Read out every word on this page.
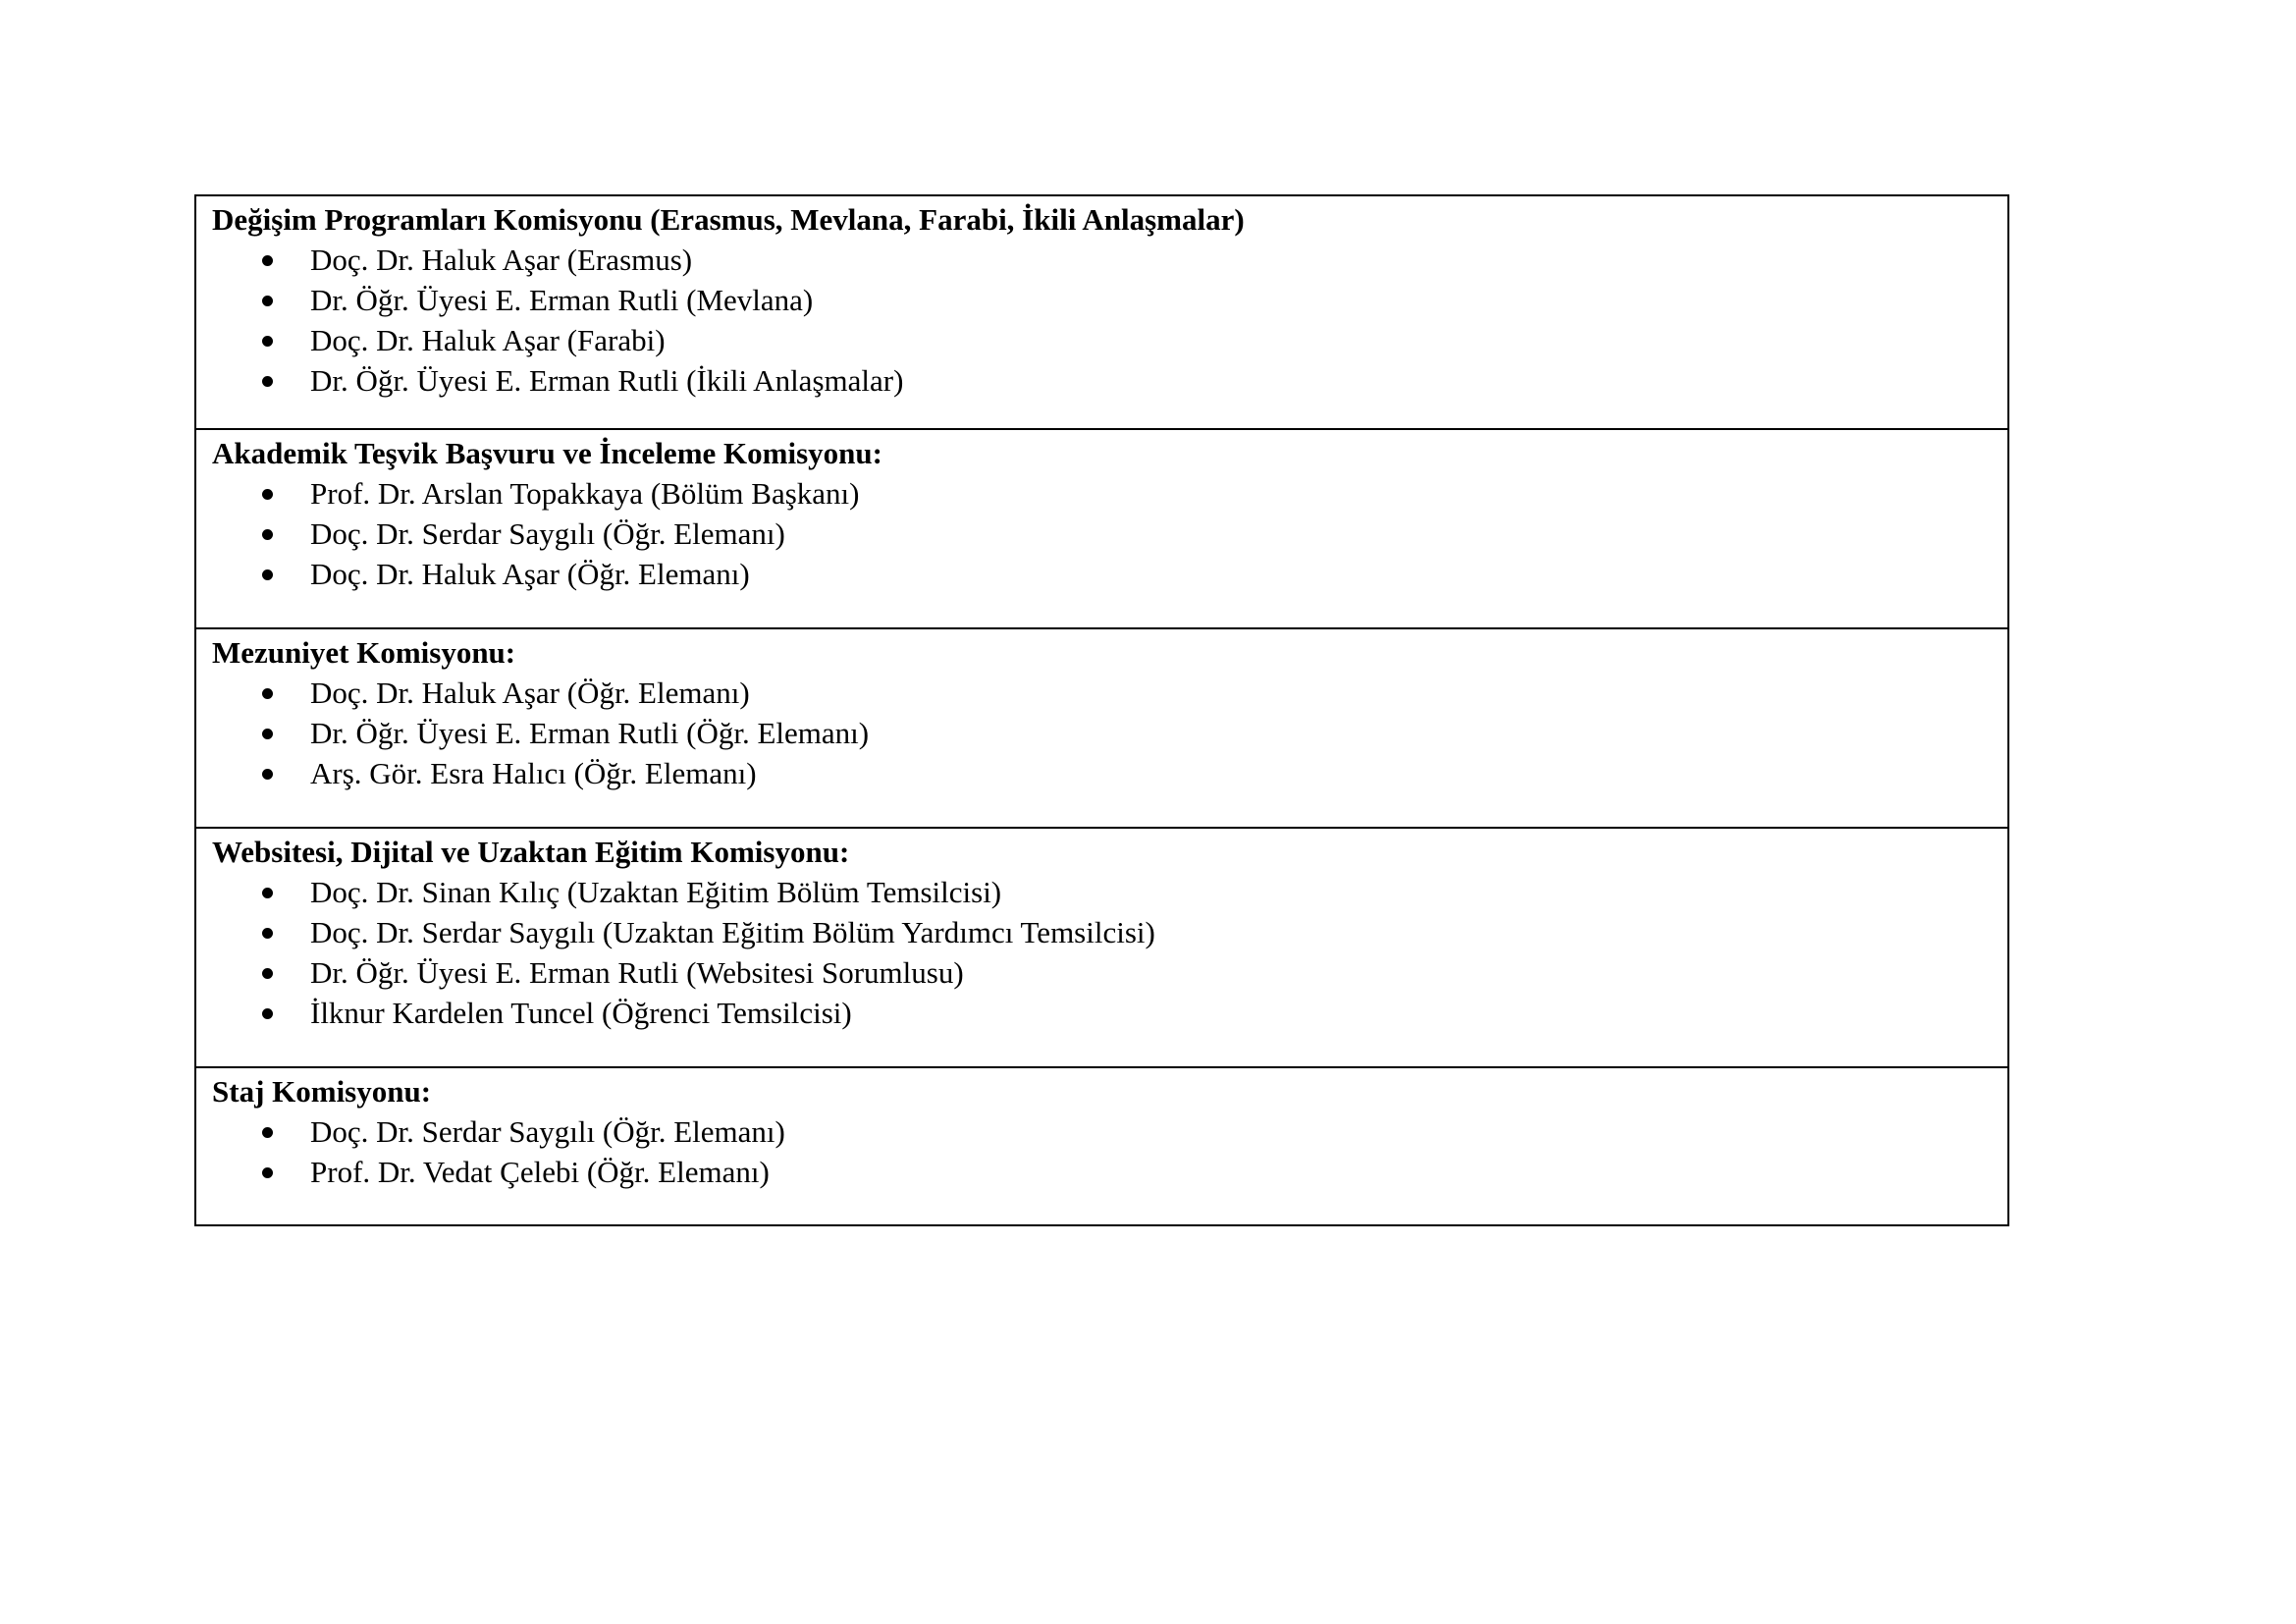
Değişim Programları Komisyonu (Erasmus, Mevlana, Farabi, İkili Anlaşmalar)
Doç. Dr. Haluk Aşar (Erasmus)
Dr. Öğr. Üyesi E. Erman Rutli (Mevlana)
Doç. Dr. Haluk Aşar (Farabi)
Dr. Öğr. Üyesi E. Erman Rutli (İkili Anlaşmalar)

Akademik Teşvik Başvuru ve İnceleme Komisyonu:
Prof. Dr. Arslan Topakkaya (Bölüm Başkanı)
Doç. Dr. Serdar Saygılı (Öğr. Elemanı)
Doç. Dr. Haluk Aşar (Öğr. Elemanı)

Mezuniyet Komisyonu:
Doç. Dr. Haluk Aşar (Öğr. Elemanı)
Dr. Öğr. Üyesi E. Erman Rutli (Öğr. Elemanı)
Arş. Gör. Esra Halıcı (Öğr. Elemanı)

Websitesi, Dijital ve Uzaktan Eğitim Komisyonu:
Doç. Dr. Sinan Kılıç (Uzaktan Eğitim Bölüm Temsilcisi)
Doç. Dr. Serdar Saygılı (Uzaktan Eğitim Bölüm Yardımcı Temsilcisi)
Dr. Öğr. Üyesi E. Erman Rutli (Websitesi Sorumlusu)
İlknur Kardelen Tuncel (Öğrenci Temsilcisi)

Staj Komisyonu:
Doç. Dr. Serdar Saygılı (Öğr. Elemanı)
Prof. Dr. Vedat Çelebi (Öğr. Elemanı)
